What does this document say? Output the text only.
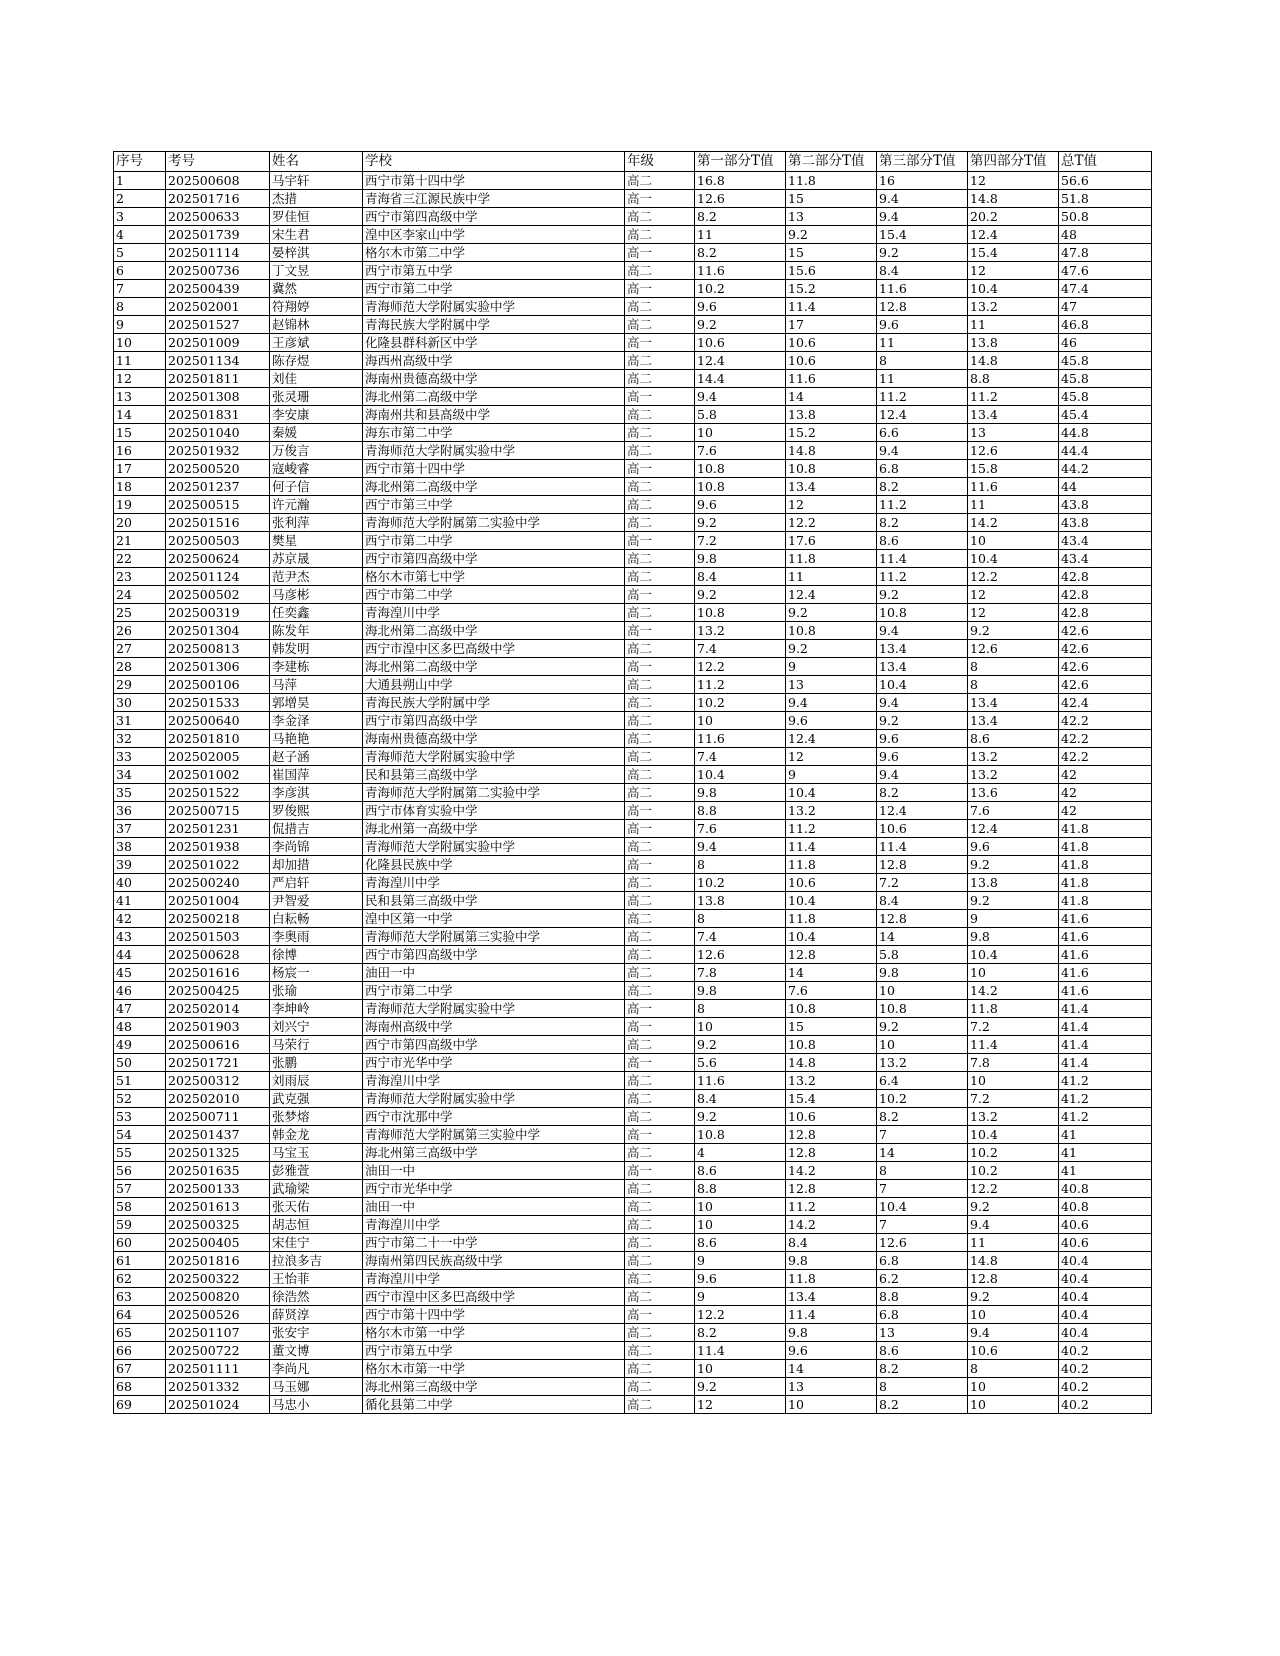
序号	考号	姓名	学校	年级	第一部分T值	第二部分T值	第三部分T值	第四部分T值	总T值
1	202500608	马宇轩	西宁市第十四中学	高二	16.8	11.8	16	12	56.6
2	202501716	杰措	青海省三江源民族中学	高一	12.6	15	9.4	14.8	51.8
3	202500633	罗佳恒	西宁市第四高级中学	高二	8.2	13	9.4	20.2	50.8
4	202501739	宋生君	湟中区李家山中学	高二	11	9.2	15.4	12.4	48
5	202501114	晏梓淇	格尔木市第二中学	高一	8.2	15	9.2	15.4	47.8
6	202500736	丁文昱	西宁市第五中学	高二	11.6	15.6	8.4	12	47.6
7	202500439	冀然	西宁市第二中学	高一	10.2	15.2	11.6	10.4	47.4
8	202502001	符翔婷	青海师范大学附属实验中学	高二	9.6	11.4	12.8	13.2	47
9	202501527	赵锦林	青海民族大学附属中学	高二	9.2	17	9.6	11	46.8
10	202501009	王彦斌	化隆县群科新区中学	高一	10.6	10.6	11	13.8	46
11	202501134	陈存煜	海西州高级中学	高二	12.4	10.6	8	14.8	45.8
12	202501811	刘佳	海南州贵德高级中学	高二	14.4	11.6	11	8.8	45.8
13	202501308	张灵珊	海北州第二高级中学	高一	9.4	14	11.2	11.2	45.8
14	202501831	李安康	海南州共和县高级中学	高二	5.8	13.8	12.4	13.4	45.4
15	202501040	秦媛	海东市第二中学	高二	10	15.2	6.6	13	44.8
16	202501932	万俊言	青海师范大学附属实验中学	高二	7.6	14.8	9.4	12.6	44.4
17	202500520	寇峻睿	西宁市第十四中学	高一	10.8	10.8	6.8	15.8	44.2
18	202501237	何子信	海北州第二高级中学	高二	10.8	13.4	8.2	11.6	44
19	202500515	许元瀚	西宁市第三中学	高二	9.6	12	11.2	11	43.8
20	202501516	张利萍	青海师范大学附属第二实验中学	高二	9.2	12.2	8.2	14.2	43.8
21	202500503	樊星	西宁市第二中学	高一	7.2	17.6	8.6	10	43.4
22	202500624	苏京晟	西宁市第四高级中学	高二	9.8	11.8	11.4	10.4	43.4
23	202501124	范尹杰	格尔木市第七中学	高二	8.4	11	11.2	12.2	42.8
24	202500502	马彦彬	西宁市第二中学	高一	9.2	12.4	9.2	12	42.8
25	202500319	任奕鑫	青海湟川中学	高二	10.8	9.2	10.8	12	42.8
26	202501304	陈发年	海北州第二高级中学	高一	13.2	10.8	9.4	9.2	42.6
27	202500813	韩发明	西宁市湟中区多巴高级中学	高二	7.4	9.2	13.4	12.6	42.6
28	202501306	李建栋	海北州第二高级中学	高一	12.2	9	13.4	8	42.6
29	202500106	马萍	大通县朔山中学	高二	11.2	13	10.4	8	42.6
30	202501533	郭增昊	青海民族大学附属中学	高二	10.2	9.4	9.4	13.4	42.4
31	202500640	李金泽	西宁市第四高级中学	高二	10	9.6	9.2	13.4	42.2
32	202501810	马艳艳	海南州贵德高级中学	高二	11.6	12.4	9.6	8.6	42.2
33	202502005	赵子涵	青海师范大学附属实验中学	高二	7.4	12	9.6	13.2	42.2
34	202501002	崔国萍	民和县第三高级中学	高二	10.4	9	9.4	13.2	42
35	202501522	李彦淇	青海师范大学附属第二实验中学	高二	9.8	10.4	8.2	13.6	42
36	202500715	罗俊熙	西宁市体育实验中学	高一	8.8	13.2	12.4	7.6	42
37	202501231	侃措吉	海北州第一高级中学	高一	7.6	11.2	10.6	12.4	41.8
38	202501938	李尚锦	青海师范大学附属实验中学	高二	9.4	11.4	11.4	9.6	41.8
39	202501022	却加措	化隆县民族中学	高一	8	11.8	12.8	9.2	41.8
40	202500240	严启轩	青海湟川中学	高二	10.2	10.6	7.2	13.8	41.8
41	202501004	尹智爱	民和县第三高级中学	高二	13.8	10.4	8.4	9.2	41.8
42	202500218	白耘畅	湟中区第一中学	高二	8	11.8	12.8	9	41.6
43	202501503	李奥雨	青海师范大学附属第三实验中学	高二	7.4	10.4	14	9.8	41.6
44	202500628	徐博	西宁市第四高级中学	高二	12.6	12.8	5.8	10.4	41.6
45	202501616	杨宸一	油田一中	高二	7.8	14	9.8	10	41.6
46	202500425	张瑜	西宁市第二中学	高二	9.8	7.6	10	14.2	41.6
47	202502014	李坤岭	青海师范大学附属实验中学	高一	8	10.8	10.8	11.8	41.4
48	202501903	刘兴宁	海南州高级中学	高一	10	15	9.2	7.2	41.4
49	202500616	马荣行	西宁市第四高级中学	高二	9.2	10.8	10	11.4	41.4
50	202501721	张鹏	西宁市光华中学	高一	5.6	14.8	13.2	7.8	41.4
51	202500312	刘雨辰	青海湟川中学	高二	11.6	13.2	6.4	10	41.2
52	202502010	武克强	青海师范大学附属实验中学	高二	8.4	15.4	10.2	7.2	41.2
53	202500711	张梦熔	西宁市沈那中学	高二	9.2	10.6	8.2	13.2	41.2
54	202501437	韩金龙	青海师范大学附属第三实验中学	高一	10.8	12.8	7	10.4	41
55	202501325	马宝玉	海北州第三高级中学	高二	4	12.8	14	10.2	41
56	202501635	彭雅萱	油田一中	高一	8.6	14.2	8	10.2	41
57	202500133	武瑜梁	西宁市光华中学	高二	8.8	12.8	7	12.2	40.8
58	202501613	张天佑	油田一中	高二	10	11.2	10.4	9.2	40.8
59	202500325	胡志恒	青海湟川中学	高二	10	14.2	7	9.4	40.6
60	202500405	宋佳宁	西宁市第二十一中学	高二	8.6	8.4	12.6	11	40.6
61	202501816	拉浪多吉	海南州第四民族高级中学	高二	9	9.8	6.8	14.8	40.4
62	202500322	王怡菲	青海湟川中学	高二	9.6	11.8	6.2	12.8	40.4
63	202500820	徐浩然	西宁市湟中区多巴高级中学	高二	9	13.4	8.8	9.2	40.4
64	202500526	薛贤淳	西宁市第十四中学	高一	12.2	11.4	6.8	10	40.4
65	202501107	张安宇	格尔木市第一中学	高二	8.2	9.8	13	9.4	40.4
66	202500722	董文博	西宁市第五中学	高二	11.4	9.6	8.6	10.6	40.2
67	202501111	李尚凡	格尔木市第一中学	高二	10	14	8.2	8	40.2
68	202501332	马玉娜	海北州第三高级中学	高二	9.2	13	8	10	40.2
69	202501024	马忠小	循化县第二中学	高二	12	10	8.2	10	40.2
